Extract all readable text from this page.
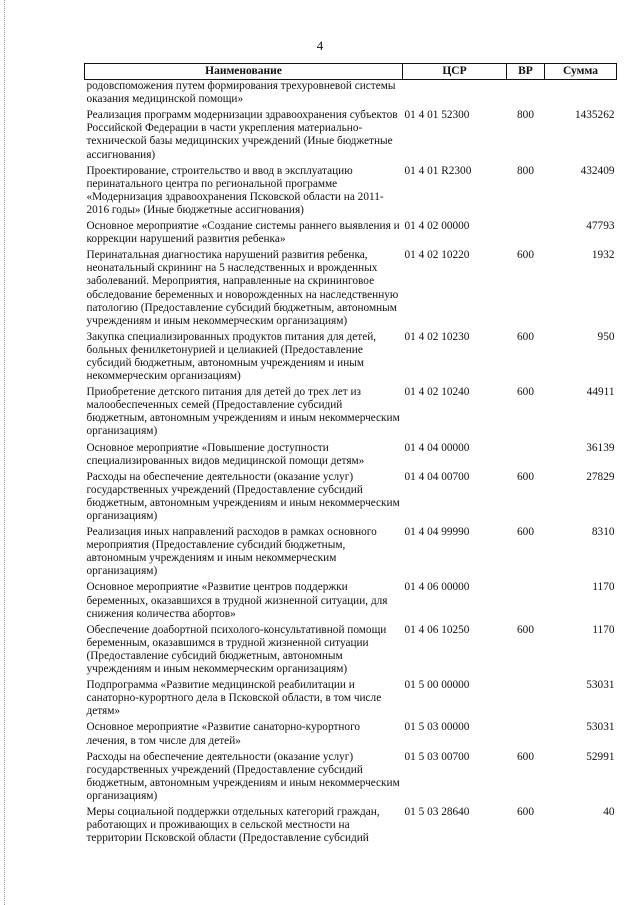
4
Наименование	ЦСР	ВР	Сумма
родовспоможения путем формирования трехуровневой системы оказания медицинской помощи»			
Реализация программ модернизации здравоохранения субъектов Российской Федерации в части укрепления материально-технической базы медицинских учреждений (Иные бюджетные ассигнования)	01 4 01 52300	800	1435262
Проектирование, строительство и ввод в эксплуатацию перинатального центра по региональной программе «Модернизация здравоохранения Псковской области на 2011-2016 годы» (Иные бюджетные ассигнования)	01 4 01 R2300	800	432409
Основное мероприятие «Создание системы раннего выявления и коррекции нарушений развития ребенка»	01 4 02 00000		47793
Перинатальная диагностика нарушений развития ребенка, неонатальный скрининг на 5 наследственных и врожденных заболеваний. Мероприятия, направленные на скрининговое обследование беременных и новорожденных на наследственную патологию (Предоставление субсидий бюджетным, автономным учреждениям и иным некоммерческим организациям)	01 4 02 10220	600	1932
Закупка специализированных продуктов питания для детей, больных фенилкетонурией и целиакией (Предоставление субсидий бюджетным, автономным учреждениям и иным некоммерческим организациям)	01 4 02 10230	600	950
Приобретение детского питания для детей до трех лет из малообеспеченных семей (Предоставление субсидий бюджетным, автономным учреждениям и иным некоммерческим организациям)	01 4 02 10240	600	44911
Основное мероприятие «Повышение доступности специализированных видов медицинской помощи детям»	01 4 04 00000		36139
Расходы на обеспечение деятельности (оказание услуг) государственных учреждений (Предоставление субсидий бюджетным, автономным учреждениям и иным некоммерческим организациям)	01 4 04 00700	600	27829
Реализация иных направлений расходов в рамках основного мероприятия (Предоставление субсидий бюджетным, автономным учреждениям и иным некоммерческим организациям)	01 4 04 99990	600	8310
Основное мероприятие «Развитие центров поддержки беременных, оказавшихся в трудной жизненной ситуации, для снижения количества абортов»	01 4 06 00000		1170
Обеспечение доабортной психолого-консультативной помощи беременным, оказавшимся в трудной жизненной ситуации (Предоставление субсидий бюджетным, автономным учреждениям и иным некоммерческим организациям)	01 4 06 10250	600	1170
Подпрограмма «Развитие медицинской реабилитации и санаторно-курортного дела в Псковской области, в том числе детям»	01 5 00 00000		53031
Основное мероприятие «Развитие санаторно-курортного лечения, в том числе для детей»	01 5 03 00000		53031
Расходы на обеспечение деятельности (оказание услуг) государственных учреждений (Предоставление субсидий бюджетным, автономным учреждениям и иным некоммерческим организациям)	01 5 03 00700	600	52991
Меры социальной поддержки отдельных категорий граждан, работающих и проживающих в сельской местности на территории Псковской области (Предоставление субсидий	01 5 03 28640	600	40
